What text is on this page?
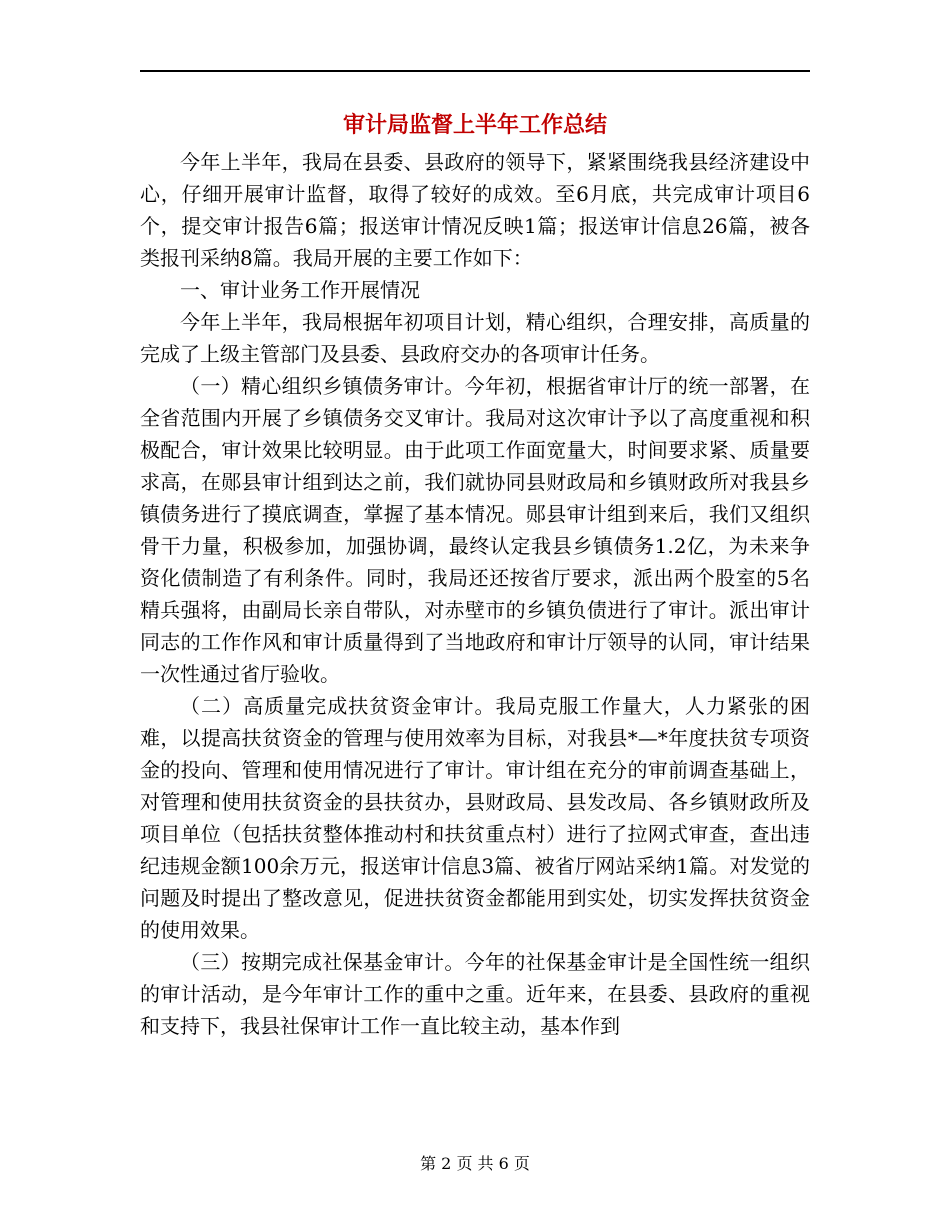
审计局监督上半年工作总结

今年上半年，我局在县委、县政府的领导下，紧紧围绕我县经济建设中心，仔细开展审计监督，取得了较好的成效。至6月底，共完成审计项目6个，提交审计报告6篇；报送审计情况反映1篇；报送审计信息26篇，被各类报刊采纳8篇。我局开展的主要工作如下：

一、审计业务工作开展情况

今年上半年，我局根据年初项目计划，精心组织，合理安排，高质量的完成了上级主管部门及县委、县政府交办的各项审计任务。

（一）精心组织乡镇债务审计。今年初，根据省审计厅的统一部署，在全省范围内开展了乡镇债务交叉审计。我局对这次审计予以了高度重视和积极配合，审计效果比较明显。由于此项工作面宽量大，时间要求紧、质量要求高，在郧县审计组到达之前，我们就协同县财政局和乡镇财政所对我县乡镇债务进行了摸底调查，掌握了基本情况。郧县审计组到来后，我们又组织骨干力量，积极参加，加强协调，最终认定我县乡镇债务1.2亿，为未来争资化债制造了有利条件。同时，我局还还按省厅要求，派出两个股室的5名精兵强将，由副局长亲自带队，对赤壁市的乡镇负债进行了审计。派出审计同志的工作作风和审计质量得到了当地政府和审计厅领导的认同，审计结果一次性通过省厅验收。

（二）高质量完成扶贫资金审计。我局克服工作量大，人力紧张的困难，以提高扶贫资金的管理与使用效率为目标，对我县*—*年度扶贫专项资金的投向、管理和使用情况进行了审计。审计组在充分的审前调查基础上，对管理和使用扶贫资金的县扶贫办，县财政局、县发改局、各乡镇财政所及项目单位（包括扶贫整体推动村和扶贫重点村）进行了拉网式审查，查出违纪违规金额100余万元，报送审计信息3篇、被省厅网站采纳1篇。对发觉的问题及时提出了整改意见，促进扶贫资金都能用到实处，切实发挥扶贫资金的使用效果。

（三）按期完成社保基金审计。今年的社保基金审计是全国性统一组织的审计活动，是今年审计工作的重中之重。近年来，在县委、县政府的重视和支持下，我县社保审计工作一直比较主动，基本作到

第 2 页 共 6 页
